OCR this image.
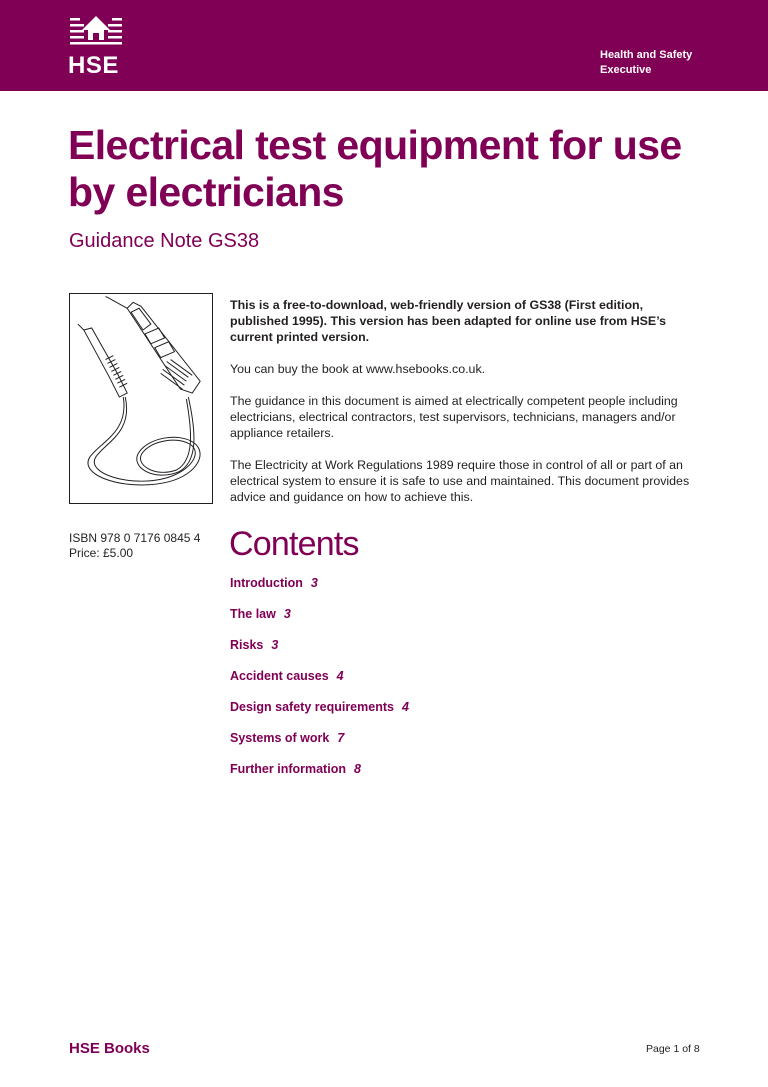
HSE	Health and Safety
Executive
Electrical test equipment for use
by electricians
Guidance Note GS38

This is a free-to-download, web-friendly version of GS38 (First edition, published 1995). This version has been adapted for online use from HSE’s current printed version.

You can buy the book at www.hsebooks.co.uk.

The guidance in this document is aimed at electrically competent people including electricians, electrical contractors, test supervisors, technicians, managers and/or appliance retailers.

The Electricity at Work Regulations 1989 require those in control of all or part of an electrical system to ensure it is safe to use and maintained. This document provides advice and guidance on how to achieve this.

ISBN 978 0 7176 0845 4
Price: £5.00	Contents
Introduction 3
The law 3
Risks 3
Accident causes 4
Design safety requirements 4
Systems of work 7
Further information 8
HSE Books	Page 1 of 8
